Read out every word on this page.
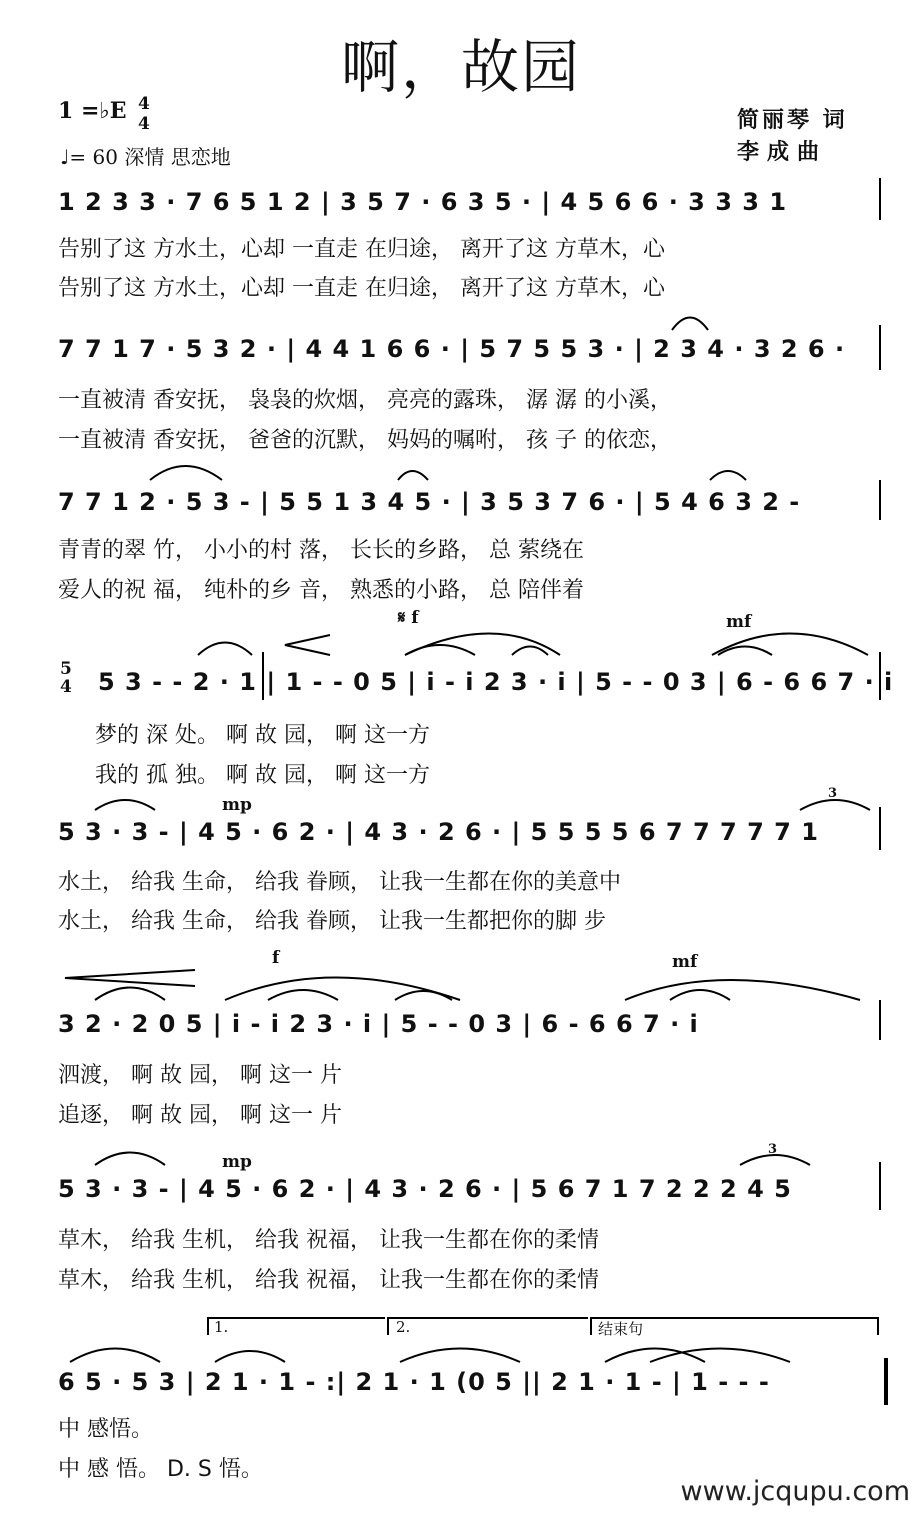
啊，故园
1 =♭E 4
4
♩= 60 深情 思恋地
简丽琴 词
李成曲
1 2 3 3 · 7 6 5 1 2 | 3 5 7 · 6 3 5 · | 4 5 6 6 · 3 3 3 1
告别了这 方水土，心却 一直走 在归途， 离开了这 方草木，心
告别了这 方水土，心却 一直走 在归途， 离开了这 方草木，心
7 7 1 7 · 5 3 2 · | 4 4 1 6 6 · | 5 7 5 5 3 · | 2 3 4 · 3 2 6 ·
一直被清 香安抚， 袅袅的炊烟， 亮亮的露珠， 潺 潺 的小溪，
一直被清 香安抚， 爸爸的沉默， 妈妈的嘱咐， 孩 子 的依恋，
7 7 1 2 · 5 3 - | 5 5 1 3 4 5 · | 3 5 3 7 6 · | 5 4 6 3 2 -
青青的翠 竹， 小小的村 落， 长长的乡路， 总 萦绕在
爱人的祝 福， 纯朴的乡 音， 熟悉的小路， 总 陪伴着
5
4
𝄋 f	mf
5 3 - - 2 · 1 | 1 - - 0 5 | i - i 2 3 · i | 5 - - 0 3 | 6 - 6 6 7 · i
梦的 深 处。 啊 故 园， 啊 这一方
我的 孤 独。 啊 故 园， 啊 这一方
mp
3
5 3 · 3 - | 4 5 · 6 2 · | 4 3 · 2 6 · | 5 5 5 5 6 7 7 7 7 7 1
水土， 给我 生命， 给我 眷顾， 让我一生都在你的美意中
水土， 给我 生命， 给我 眷顾， 让我一生都把你的脚 步
f	mf
3 2 · 2 0 5 | i - i 2 3 · i | 5 - - 0 3 | 6 - 6 6 7 · i
泗渡， 啊 故 园， 啊 这一 片
追逐， 啊 故 园， 啊 这一 片
mp
3
5 3 · 3 - | 4 5 · 6 2 · | 4 3 · 2 6 · | 5 6 7 1 7 2 2 2 4 5
草木， 给我 生机， 给我 祝福， 让我一生都在你的柔情
草木， 给我 生机， 给我 祝福， 让我一生都在你的柔情
1.	2.	结束句
6 5 · 5 3 | 2 1 · 1 - :| 2 1 · 1 (0 5 || 2 1 · 1 - | 1 - - -
中 感悟。
中 感 悟。 D. S 悟。
www.jcqupu.com
